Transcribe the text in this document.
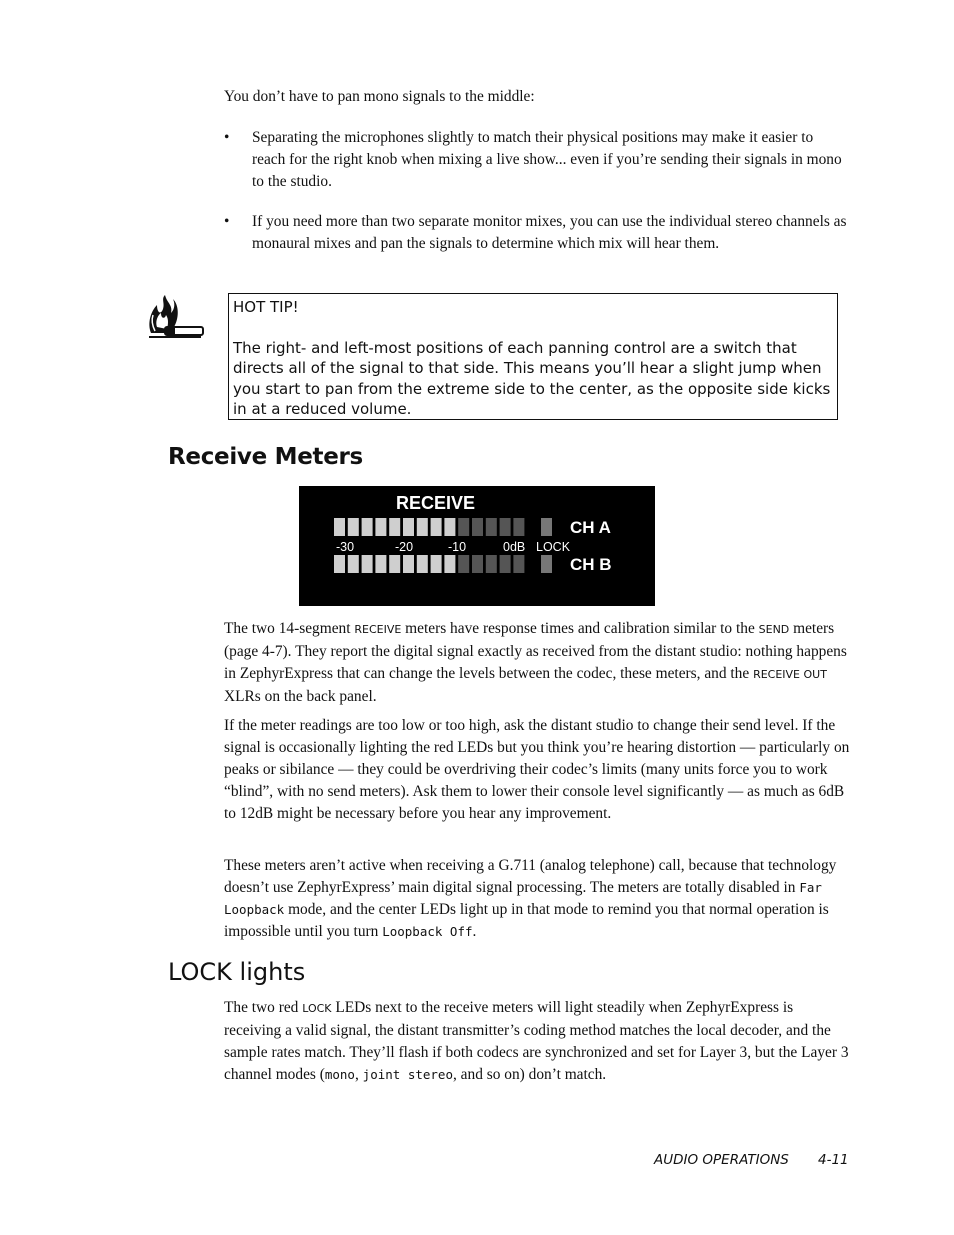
You don’t have to pan mono signals to the middle:
• Separating the microphones slightly to match their physical positions may make it easier to reach for the right knob when mixing a live show... even if you’re sending their signals in mono to the studio.
• If you need more than two separate monitor mixes, you can use the individual stereo channels as monaural mixes and pan the signals to determine which mix will hear them.
HOT TIP!
The right- and left-most positions of each panning control are a switch that directs all of the signal to that side. This means you’ll hear a slight jump when you start to pan from the extreme side to the center, as the opposite side kicks in at a reduced volume.
Receive Meters
RECEIVE
CH A
CH B
-30	-20	-10	0dB LOCK
The two 14-segment RECEIVE meters have response times and calibration similar to the SEND meters (page 4-7). They report the digital signal exactly as received from the distant studio: nothing happens in ZephyrExpress that can change the levels between the codec, these meters, and the RECEIVE OUT XLRs on the back panel.
If the meter readings are too low or too high, ask the distant studio to change their send level. If the signal is occasionally lighting the red LEDs but you think you’re hearing distortion — particularly on peaks or sibilance — they could be overdriving their codec’s limits (many units force you to work “blind”, with no send meters). Ask them to lower their console level significantly — as much as 6dB to 12dB might be necessary before you hear any improvement.
These meters aren’t active when receiving a G.711 (analog telephone) call, because that technology doesn’t use ZephyrExpress’ main digital signal processing. The meters are totally disabled in Far Loopback mode, and the center LEDs light up in that mode to remind you that normal operation is impossible until you turn Loopback Off.
LOCK lights
The two red LOCK LEDs next to the receive meters will light steadily when ZephyrExpress is receiving a valid signal, the distant transmitter’s coding method matches the local decoder, and the sample rates match. They’ll flash if both codecs are synchronized and set for Layer 3, but the Layer 3 channel modes (mono, joint stereo, and so on) don’t match.
AUDIO OPERATIONS 4-11
